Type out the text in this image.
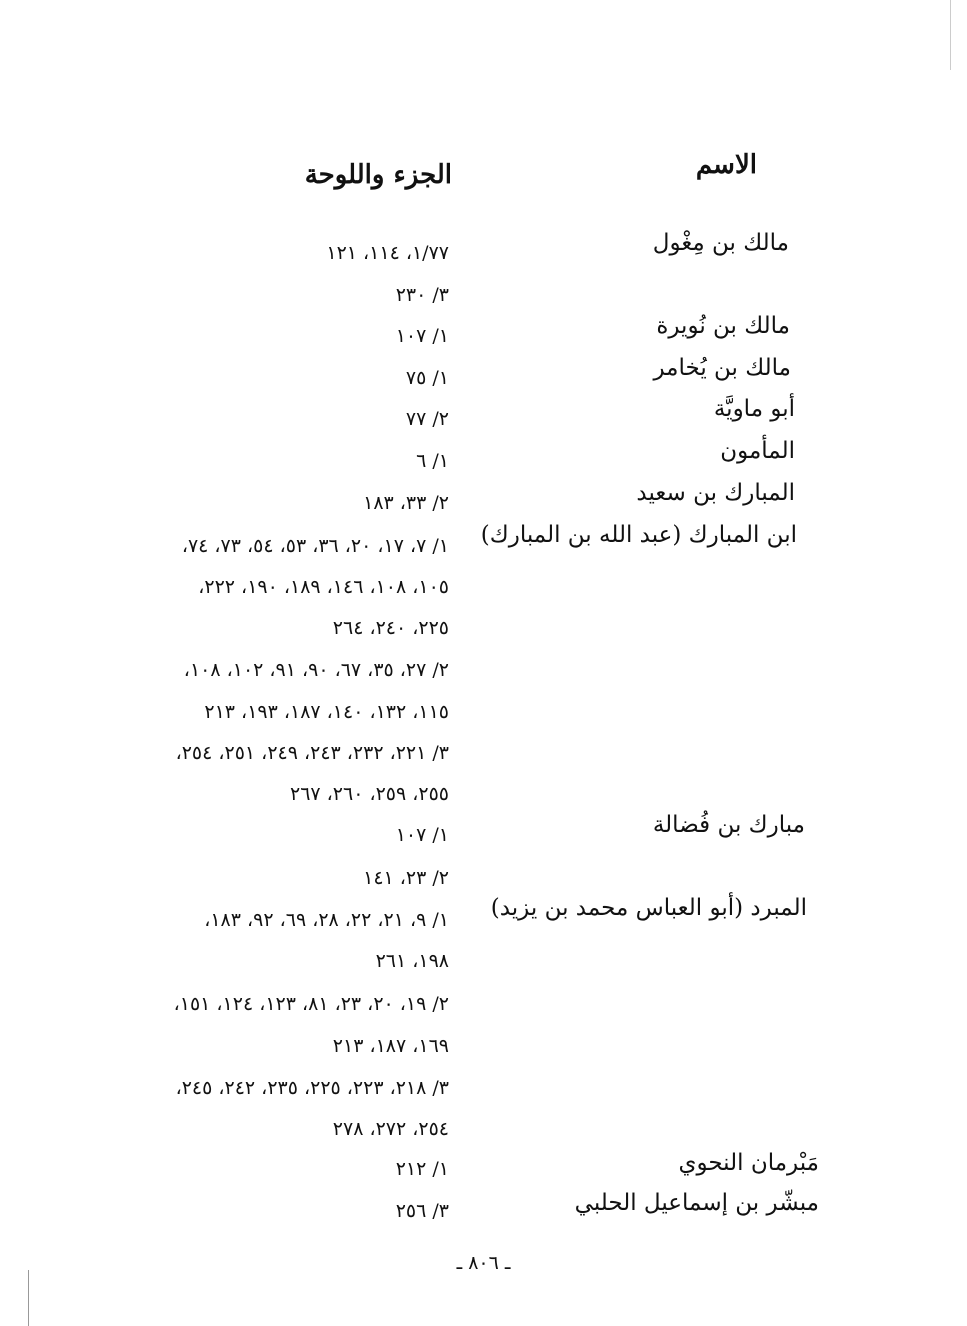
الاسم
الجزء واللوحة
مالك بن مِغْول
مالك بن نُويرة
مالك بن يُخامر
أبو ماويَّة
المأمون
المبارك بن سعيد
ابن المبارك (عبد الله بن المبارك)
مبارك بن فُضالة
المبرد (أبو العباس محمد بن يزيد)
مَبْرمان النحوي
مبشّر بن إسماعيل الحلبي
١/٧٧، ١١٤، ١٢١
٣/ ٢٣٠
١/ ١٠٧
١/ ٧٥
٢/ ٧٧
١/ ٦
٢/ ٣٣، ١٨٣
١/ ٧، ١٧، ٢٠، ٣٦، ٥٣، ٥٤، ٧٣، ٧٤،
١٠٥، ١٠٨، ١٤٦، ١٨٩، ١٩٠، ٢٢٢،
٢٢٥، ٢٤٠، ٢٦٤
٢/ ٢٧، ٣٥، ٦٧، ٩٠، ٩١، ١٠٢، ١٠٨،
١١٥، ١٣٢، ١٤٠، ١٨٧، ١٩٣، ٢١٣
٣/ ٢٢١، ٢٣٢، ٢٤٣، ٢٤٩، ٢٥١، ٢٥٤،
٢٥٥، ٢٥٩، ٢٦٠، ٢٦٧
١/ ١٠٧
٢/ ٢٣، ١٤١
١/ ٩، ٢١، ٢٢، ٢٨، ٦٩، ٩٢، ١٨٣،
١٩٨، ٢٦١
٢/ ١٩، ٢٠، ٢٣، ٨١، ١٢٣، ١٢٤، ١٥١،
١٦٩، ١٨٧، ٢١٣
٣/ ٢١٨، ٢٢٣، ٢٢٥، ٢٣٥، ٢٤٢، ٢٤٥،
٢٥٤، ٢٧٢، ٢٧٨
١/ ٢١٢
٣/ ٢٥٦
ـ ٨٠٦ ـ
